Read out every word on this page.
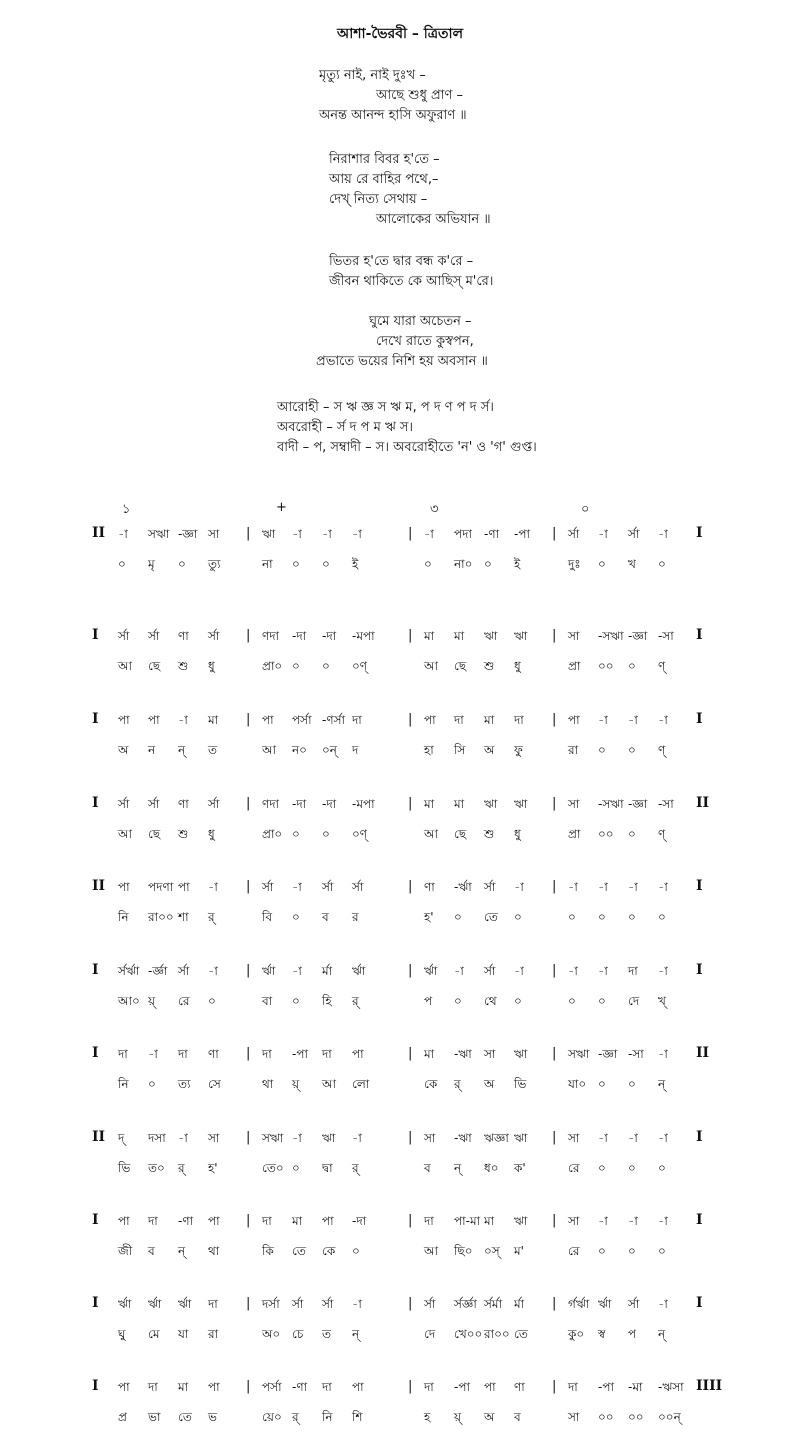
আশা-ভৈরবী – ত্রিতাল
মৃত্যু নাই, নাই দুঃখ –
আছে শুধু প্রাণ –
অনন্ত আনন্দ হাসি অফুরাণ ॥
নিরাশার বিবর হ'তে –
আয় রে বাহির পথে,–
দেখ্ নিত্য সেথায় –
আলোকের অভিযান ॥
ভিতর হ'তে দ্বার বন্ধ ক'রে –
জীবন থাকিতে কে আছিস্ ম'রে।
ঘুমে যারা অচেতন –
দেখে রাতে কুস্বপন,
প্রভাতে ভয়ের নিশি হয় অবসান ॥
আরোহী – স ঋ জ্ঞ স ঋ ম, প দ ণ প দ র্স।
অবরোহী – র্স দ প ম ঋ স।
বাদী – প, সম্বাদী – স। অবরোহীতে 'ন' ও 'গ' গুপ্ত।
১	+	৩	০
II	I
|	|	|
-া সঋা -জ্ঞা সা	ঋা -া -া -া	-া পদা -ণা -পা	র্সা -া র্সা -া
০ মৃ ০ ত্যু	না ০ ০ ই	০ না০ ০ ই	দুঃ ০ খ ০
I	I
|	|	|
র্সা র্সা ণা র্সা	ণদা -দা -দা -মপা	মা মা ঋা ঋা	সা -সঋা -জ্ঞা -সা
আ ছে শু ধু	প্রা০ ০ ০ ০ণ্	আ ছে শু ধু	প্রা ০০ ০ ণ্
I	I
|	|	|
পা পা -া মা	পা পর্সা -ণর্সা দা	পা দা মা দা	পা -া -া -া
অ ন ন্ ত	আ ন০ ০ন্ দ	হা সি অ ফু	রা ০ ০ ণ্
I	II
|	|	|
র্সা র্সা ণা র্সা	ণদা -দা -দা -মপা	মা মা ঋা ঋা	সা -সঋা -জ্ঞা -সা
আ ছে শু ধু	প্রা০ ০ ০ ০ণ্	আ ছে শু ধু	প্রা ০০ ০ ণ্
II	I
|	|	|
পা পদণা পা -া	র্সা -া র্সা র্সা	ণা -র্ঋা র্সা -া	-া -া -া -া
নি রা০০ শা র্	বি ০ ব র	হ' ০ তে ০	০ ০ ০ ০
I	I
|	|	|
র্সর্ঋা -র্জ্ঞা র্সা -া	র্ঋা -া র্মা র্ঋা	র্ঋা -া র্সা -া	-া -া দা -া
আ০ য়্ রে ০	বা ০ হি র্	প ০ থে ০	০ ০ দে খ্
I	II
|	|	|
দা -া দা ণা	দা -পা দা পা	মা -ঋা সা ঋা	সঋা -জ্ঞা -সা -া
নি ০ ত্য সে	থা য়্ আ লো	কে র্ অ ভি	যা০ ০ ০ ন্
II	I
|	|	|
দ্ দসা -া সা	সঋা -া ঋা -া	সা -ঋা ঋজ্ঞা ঋা	সা -া -া -া
ভি ত০ র্ হ'	তে০ ০ দ্বা র্	ব ন্ ধ০ ক'	রে ০ ০ ০
I	I
|	|	|
পা দা -ণা পা	দা মা পা -দা	দা পা-মা মা ঋা	সা -া -া -া
জী ব ন্ থা	কি তে কে ০	আ ছি০ ০স্ ম'	রে ০ ০ ০
I	I
|	|	|
র্ঋা র্ঋা র্ঋা দা	দর্সা র্সা র্সা -া	র্সা র্সর্জ্ঞা র্সর্মা র্মা	র্গর্ঋা র্ঋা র্সা -া
ঘু মে যা রা	অ০ চে ত ন্	দে খে০০ রা০০ তে	কু০ স্ব প ন্
I	IIII
|	|	|
পা দা মা পা	পর্সা -ণা দা পা	দা -পা পা ণা	দা -পা -মা -ঋসা
প্র ভা তে ভ	য়ে০ র্ নি শি	হ য়্ অ ব	সা ০০ ০০ ০০ন্
